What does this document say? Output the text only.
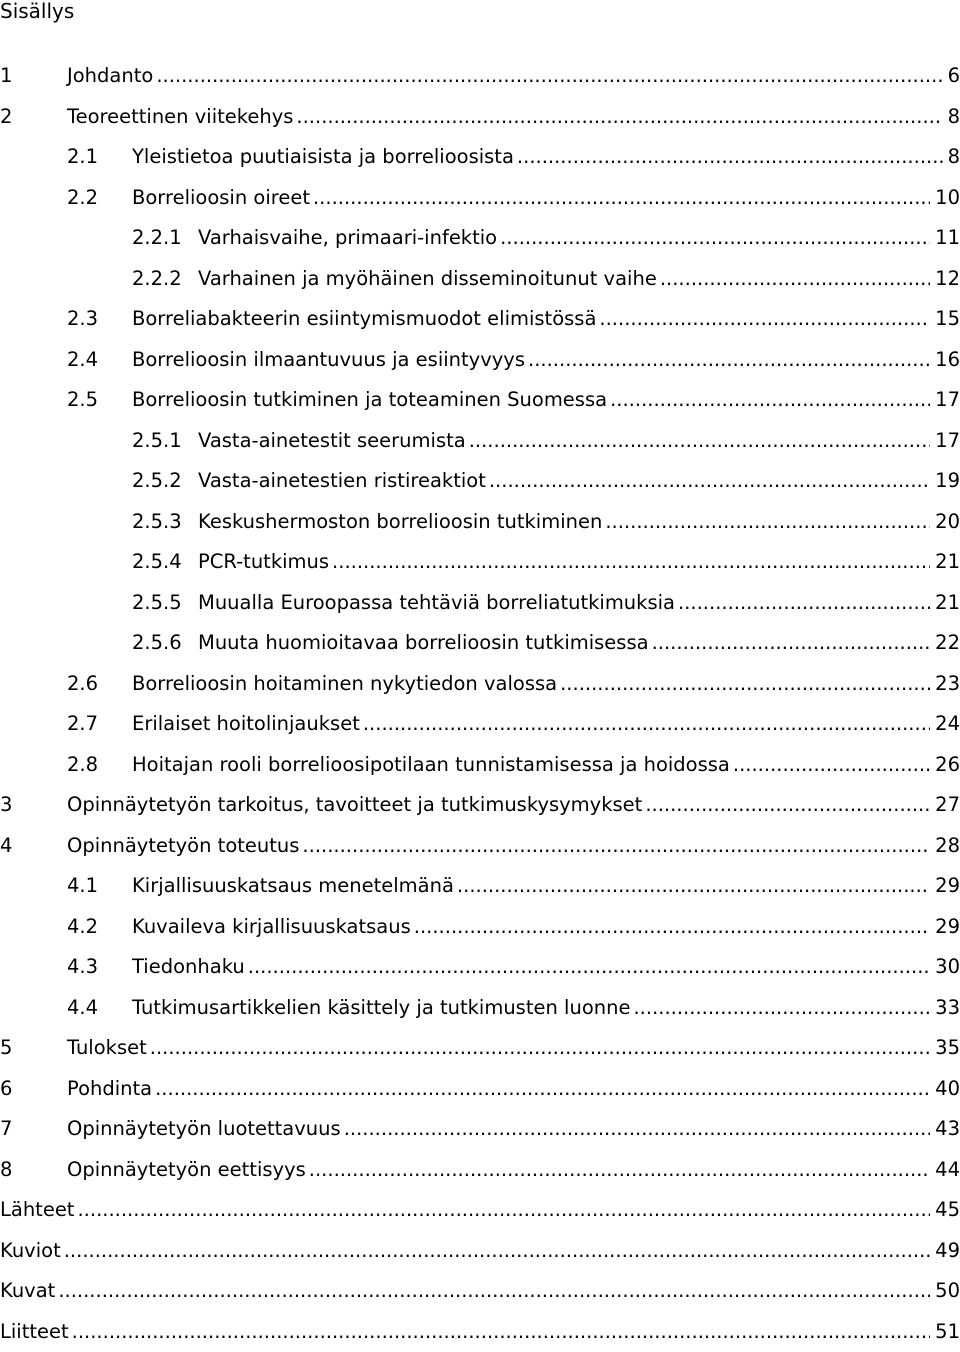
Sisällys
1	Johdanto .....	6
2	Teoreettinen viitekehys .....	8
2.1 Yleistietoa puutiaisista ja borrelioosista .....	8
2.2 Borrelioosin oireet .....	10
2.2.1 Varhaisvaihe, primaari-infektio .....	11
2.2.2 Varhainen ja myöhäinen disseminoitunut vaihe .....	12
2.3 Borreliabakteerin esiintymismuodot elimistössä .....	15
2.4 Borrelioosin ilmaantuvuus ja esiintyvyys .....	16
2.5 Borrelioosin tutkiminen ja toteaminen Suomessa .....	17
2.5.1 Vasta-ainetestit seerumista .....	17
2.5.2 Vasta-ainetestien ristireaktiot .....	19
2.5.3 Keskushermoston borrelioosin tutkiminen .....	20
2.5.4 PCR-tutkimus .....	21
2.5.5 Muualla Euroopassa tehtäviä borreliatutkimuksia .....	21
2.5.6 Muuta huomioitavaa borrelioosin tutkimisessa .....	22
2.6 Borrelioosin hoitaminen nykytiedon valossa .....	23
2.7 Erilaiset hoitolinjaukset .....	24
2.8 Hoitajan rooli borrelioosipotilaan tunnistamisessa ja hoidossa .....	26
3	Opinnäytetyön tarkoitus, tavoitteet ja tutkimuskysymykset .....	27
4	Opinnäytetyön toteutus .....	28
4.1 Kirjallisuuskatsaus menetelmänä .....	29
4.2 Kuvaileva kirjallisuuskatsaus .....	29
4.3 Tiedonhaku .....	30
4.4 Tutkimusartikkelien käsittely ja tutkimusten luonne .....	33
5	Tulokset .....	35
6	Pohdinta .....	40
7	Opinnäytetyön luotettavuus .....	43
8	Opinnäytetyön eettisyys .....	44
Lähteet .....	45
Kuviot .....	49
Kuvat .....	50
Liitteet .....	51
